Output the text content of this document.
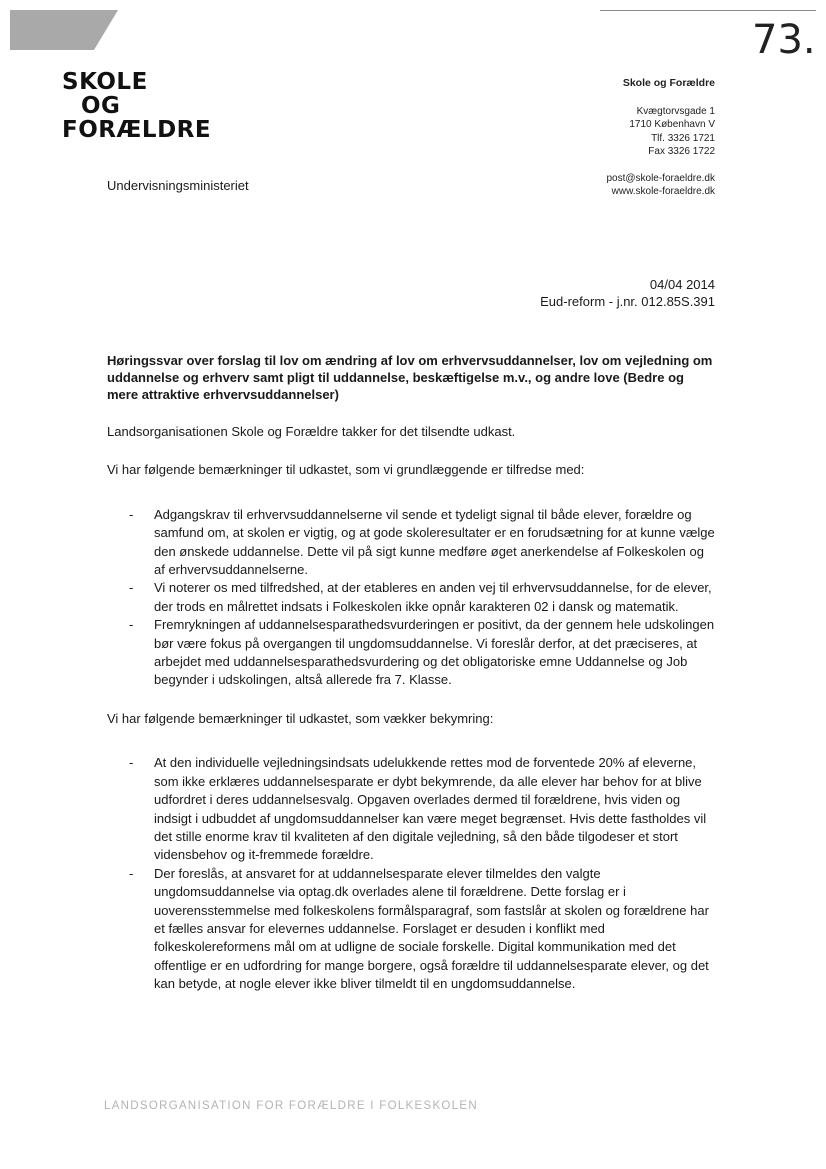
73.
SKOLE
OG
FORÆLDRE
Undervisningsministeriet
Skole og Forældre
Kvægtorvsgade 1
1710 København V
Tlf. 3326 1721
Fax 3326 1722
post@skole-foraeldre.dk
www.skole-foraeldre.dk
04/04 2014
Eud-reform - j.nr. 012.85S.391
Høringssvar over forslag til lov om ændring af lov om erhvervsuddannelser, lov om vejledning om uddannelse og erhverv samt pligt til uddannelse, beskæftigelse m.v., og andre love (Bedre og mere attraktive erhvervsuddannelser)

Landsorganisationen Skole og Forældre takker for det tilsendte udkast.

Vi har følgende bemærkninger til udkastet, som vi grundlæggende er tilfredse med:

- Adgangskrav til erhvervsuddannelserne vil sende et tydeligt signal til både elever, forældre og samfund om, at skolen er vigtig, og at gode skoleresultater er en forudsætning for at kunne vælge den ønskede uddannelse. Dette vil på sigt kunne medføre øget anerkendelse af Folkeskolen og af erhvervsuddannelserne.
- Vi noterer os med tilfredshed, at der etableres en anden vej til erhvervsuddannelse, for de elever, der trods en målrettet indsats i Folkeskolen ikke opnår karakteren 02 i dansk og matematik.
- Fremrykningen af uddannelsesparathedsvurderingen er positivt, da der gennem hele udskolingen bør være fokus på overgangen til ungdomsuddannelse. Vi foreslår derfor, at det præciseres, at arbejdet med uddannelsesparathedsvurdering og det obligatoriske emne Uddannelse og Job begynder i udskolingen, altså allerede fra 7. Klasse.

Vi har følgende bemærkninger til udkastet, som vækker bekymring:

- At den individuelle vejledningsindsats udelukkende rettes mod de forventede 20% af eleverne, som ikke erklæres uddannelsesparate er dybt bekymrende, da alle elever har behov for at blive udfordret i deres uddannelsesvalg. Opgaven overlades dermed til forældrene, hvis viden og indsigt i udbuddet af ungdomsuddannelser kan være meget begrænset. Hvis dette fastholdes vil det stille enorme krav til kvaliteten af den digitale vejledning, så den både tilgodeser et stort vidensbehov og it-fremmede forældre.
- Der foreslås, at ansvaret for at uddannelsesparate elever tilmeldes den valgte ungdomsuddannelse via optag.dk overlades alene til forældrene. Dette forslag er i uoverensstemmelse med folkeskolens formålsparagraf, som fastslår at skolen og forældrene har et fælles ansvar for elevernes uddannelse. Forslaget er desuden i konflikt med folkeskolereformens mål om at udligne de sociale forskelle. Digital kommunikation med det offentlige er en udfordring for mange borgere, også forældre til uddannelsesparate elever, og det kan betyde, at nogle elever ikke bliver tilmeldt til en ungdomsuddannelse.
LANDSORGANISATION FOR FORÆLDRE I FOLKESKOLEN
